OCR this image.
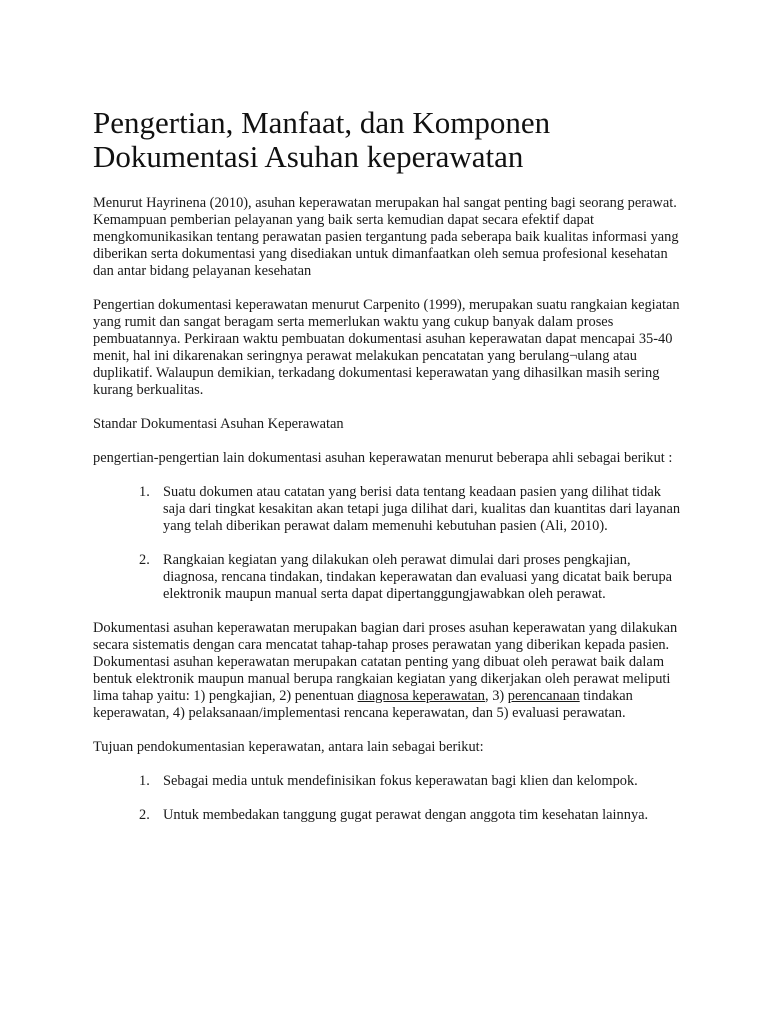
Pengertian, Manfaat, dan Komponen Dokumentasi Asuhan keperawatan

Menurut Hayrinena (2010), asuhan keperawatan merupakan hal sangat penting bagi seorang perawat. Kemampuan pemberian pelayanan yang baik serta kemudian dapat secara efektif dapat mengkomunikasikan tentang perawatan pasien tergantung pada seberapa baik kualitas informasi yang diberikan serta dokumentasi yang disediakan untuk dimanfaatkan oleh semua profesional kesehatan dan antar bidang pelayanan kesehatan

Pengertian dokumentasi keperawatan menurut Carpenito (1999), merupakan suatu rangkaian kegiatan yang rumit dan sangat beragam serta memerlukan waktu yang cukup banyak dalam proses pembuatannya. Perkiraan waktu pembuatan dokumentasi asuhan keperawatan dapat mencapai 35-40 menit, hal ini dikarenakan seringnya perawat melakukan pencatatan yang berulang¬ulang atau duplikatif. Walaupun demikian, terkadang dokumentasi keperawatan yang dihasilkan masih sering kurang berkualitas.

Standar Dokumentasi Asuhan Keperawatan

pengertian-pengertian lain dokumentasi asuhan keperawatan menurut beberapa ahli sebagai berikut :

1. Suatu dokumen atau catatan yang berisi data tentang keadaan pasien yang dilihat tidak saja dari tingkat kesakitan akan tetapi juga dilihat dari, kualitas dan kuantitas dari layanan yang telah diberikan perawat dalam memenuhi kebutuhan pasien (Ali, 2010).
2. Rangkaian kegiatan yang dilakukan oleh perawat dimulai dari proses pengkajian, diagnosa, rencana tindakan, tindakan keperawatan dan evaluasi yang dicatat baik berupa elektronik maupun manual serta dapat dipertanggungjawabkan oleh perawat.

Dokumentasi asuhan keperawatan merupakan bagian dari proses asuhan keperawatan yang dilakukan secara sistematis dengan cara mencatat tahap-tahap proses perawatan yang diberikan kepada pasien. Dokumentasi asuhan keperawatan merupakan catatan penting yang dibuat oleh perawat baik dalam bentuk elektronik maupun manual berupa rangkaian kegiatan yang dikerjakan oleh perawat meliputi lima tahap yaitu: 1) pengkajian, 2) penentuan diagnosa keperawatan, 3) perencanaan tindakan keperawatan, 4) pelaksanaan/implementasi rencana keperawatan, dan 5) evaluasi perawatan.

Tujuan pendokumentasian keperawatan, antara lain sebagai berikut:

1. Sebagai media untuk mendefinisikan fokus keperawatan bagi klien dan kelompok.
2. Untuk membedakan tanggung gugat perawat dengan anggota tim kesehatan lainnya.
